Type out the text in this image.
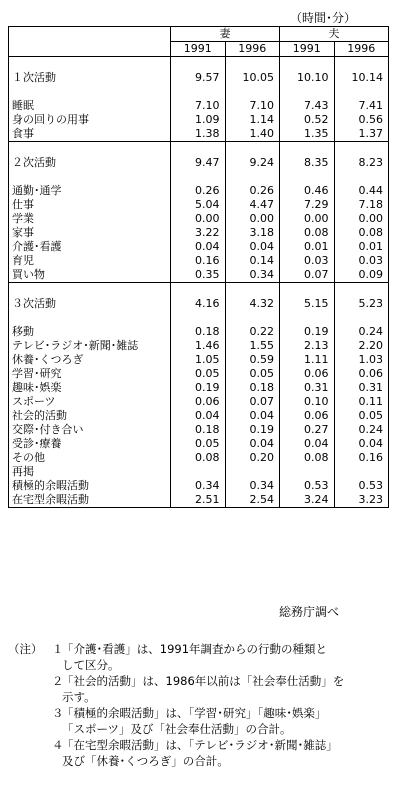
（時間･分）
	妻		夫	
	1991	1996	1991	1996

１次活動	9.57	10.05	10.10	10.14

睡眠	7.10	7.10	7.43	7.41
身の回りの用事	1.09	1.14	0.52	0.56
食事	1.38	1.40	1.35	1.37

２次活動	9.47	9.24	8.35	8.23

通勤･通学	0.26	0.26	0.46	0.44
仕事	5.04	4.47	7.29	7.18
学業	0.00	0.00	0.00	0.00
家事	3.22	3.18	0.08	0.08
介護･看護	0.04	0.04	0.01	0.01
育児	0.16	0.14	0.03	0.03
買い物	0.35	0.34	0.07	0.09

３次活動	4.16	4.32	5.15	5.23

移動	0.18	0.22	0.19	0.24
テレビ･ラジオ･新聞･雑誌	1.46	1.55	2.13	2.20
休養･くつろぎ	1.05	0.59	1.11	1.03
学習･研究	0.05	0.05	0.06	0.06
趣味･娯楽	0.19	0.18	0.31	0.31
スポーツ	0.06	0.07	0.10	0.11
社会的活動	0.04	0.04	0.06	0.05
交際･付き合い	0.18	0.19	0.27	0.24
受診･療養	0.05	0.04	0.04	0.04
その他	0.08	0.20	0.08	0.16
再掲				
積極的余暇活動	0.34	0.34	0.53	0.53
在宅型余暇活動	2.51	2.54	3.24	3.23
総務庁調べ
（注） １
「介護･看護」は、1991年調査からの行動の種類と
して区分。
２
「社会的活動」は、1986年以前は「社会奉仕活動」を
示す。
３
「積極的余暇活動」は、「学習･研究」「趣味･娯楽」
「スポーツ」及び「社会奉仕活動」の合計。
４
「在宅型余暇活動」は、「テレビ･ラジオ･新聞･雑誌」
及び「休養･くつろぎ」の合計。
